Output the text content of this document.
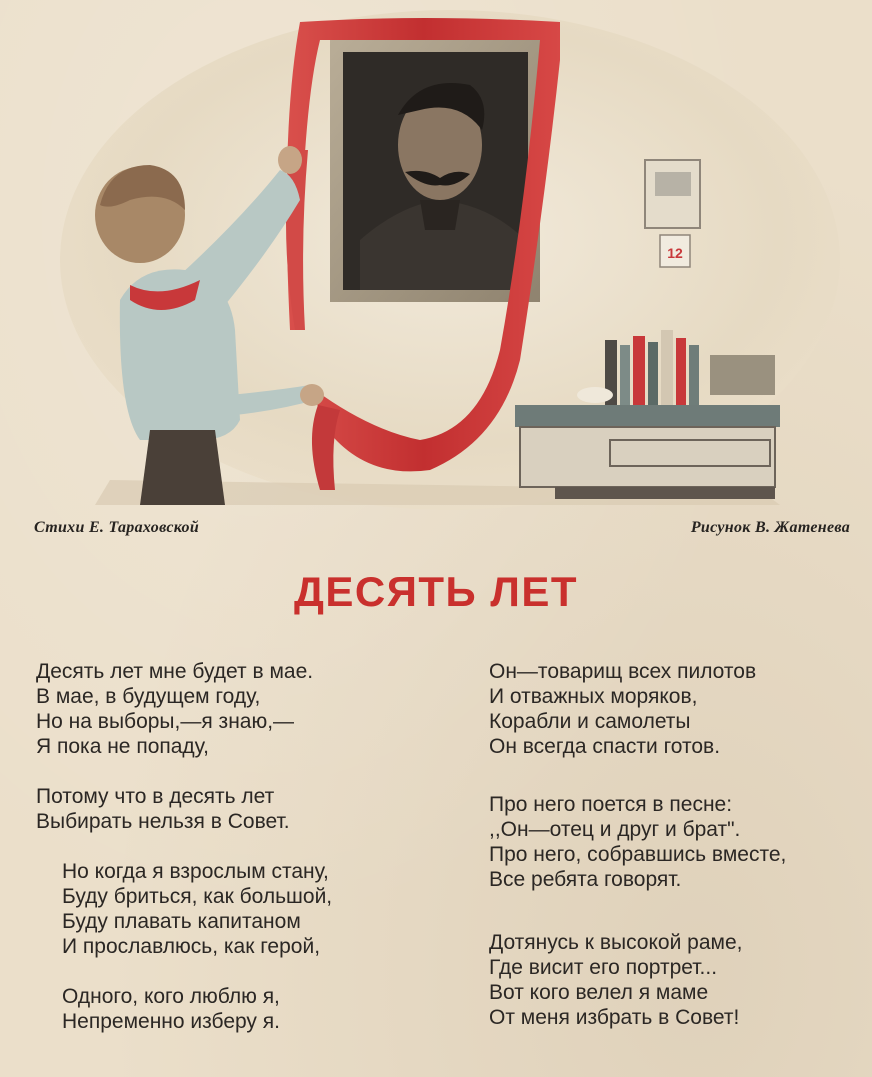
12
Стихи Е. Тараховской	Рисунок В. Жатенева
ДЕСЯТЬ ЛЕТ
Десять лет мне будет в мае.
В мае, в будущем году,
Но на выборы,—я знаю,—
Я пока не попаду,
Потому что в десять лет
Выбирать нельзя в Совет.
Но когда я взрослым стану,
Буду бриться, как большой,
Буду плавать капитаном
И прославлюсь, как герой,
Одного, кого люблю я,
Непременно изберу я.
Он—товарищ всех пилотов
И отважных моряков,
Корабли и самолеты
Он всегда спасти готов.
Про него поется в песне:
,,Он—отец и друг и брат".
Про него, собравшись вместе,
Все ребята говорят.
Дотянусь к высокой раме,
Где висит его портрет...
Вот кого велел я маме
От меня избрать в Совет!
